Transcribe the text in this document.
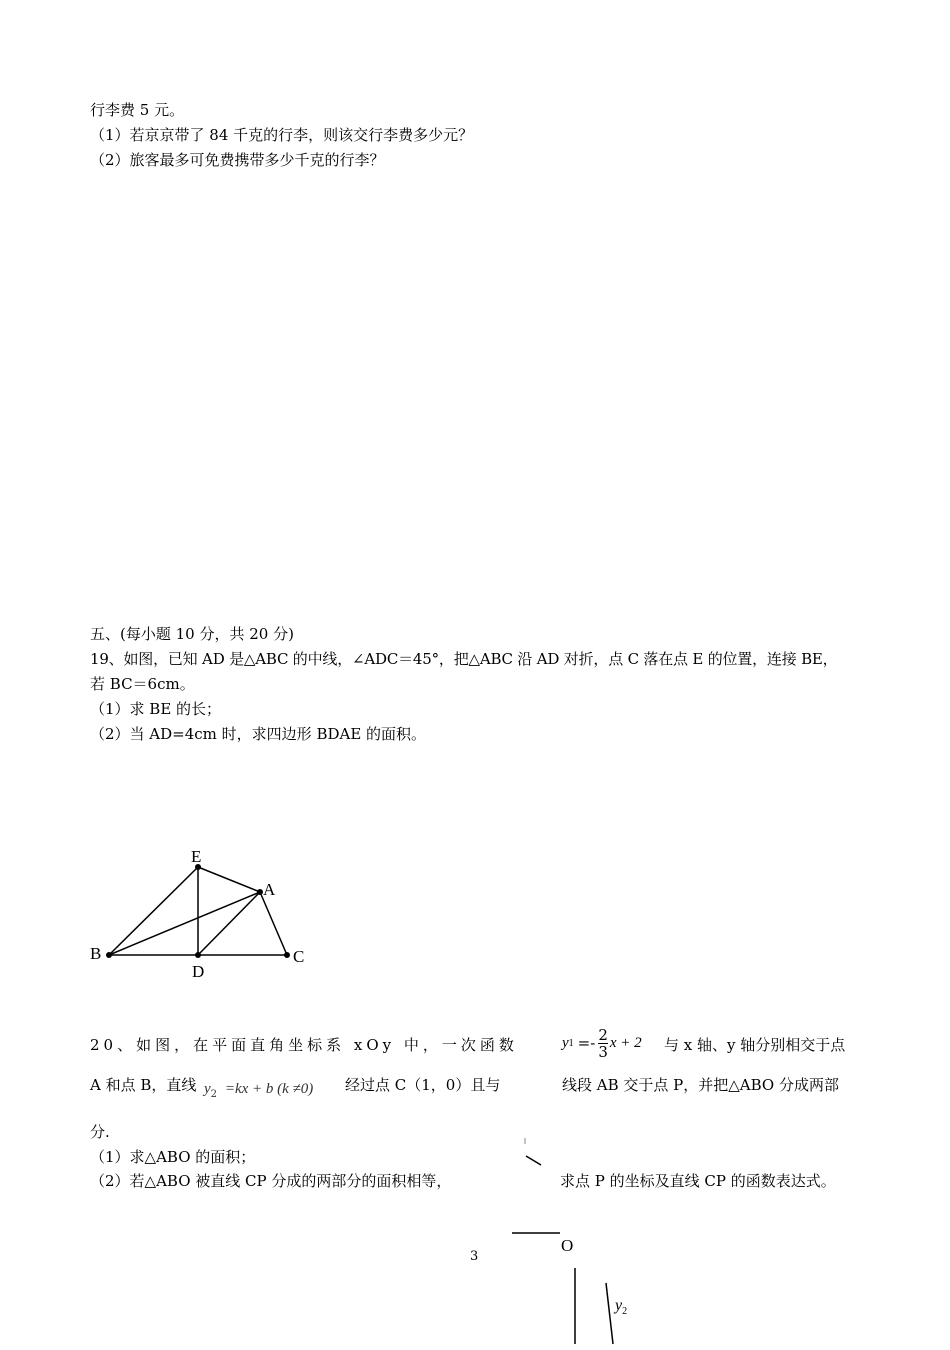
行李费 5 元。
（1）若京京带了 84 千克的行李，则该交行李费多少元？
（2）旅客最多可免费携带多少千克的行李？
五、(每小题 10 分，共 20 分)
19、如图，已知 AD 是△ABC 的中线，∠ADC＝45°，把△ABC 沿 AD 对折，点 C 落在点 E 的位置，连接 BE，
若 BC＝6cm。
（1）求 BE 的长；
（2）当 AD=4cm 时，求四边形 BDAE 的面积。
E
A
B
D
C
20、如图，在平面直角坐标系 xOy 中，一次函数	y $1 =- \frac{2}{3}$ x + 2 与 x 轴、y 轴分别相交于点
A 和点 B，直线 $y_2 =kx + b$ (k ≠0) 经过点 C（1，0）且与	线段 AB 交于点 P，并把△ABO 分成两部
分.
（1）求△ABO 的面积；
（2）若△ABO 被直线 CP 分成的两部分的面积相等，	求点 P 的坐标及直线 CP 的函数表达式。
O
$y_2$
3
